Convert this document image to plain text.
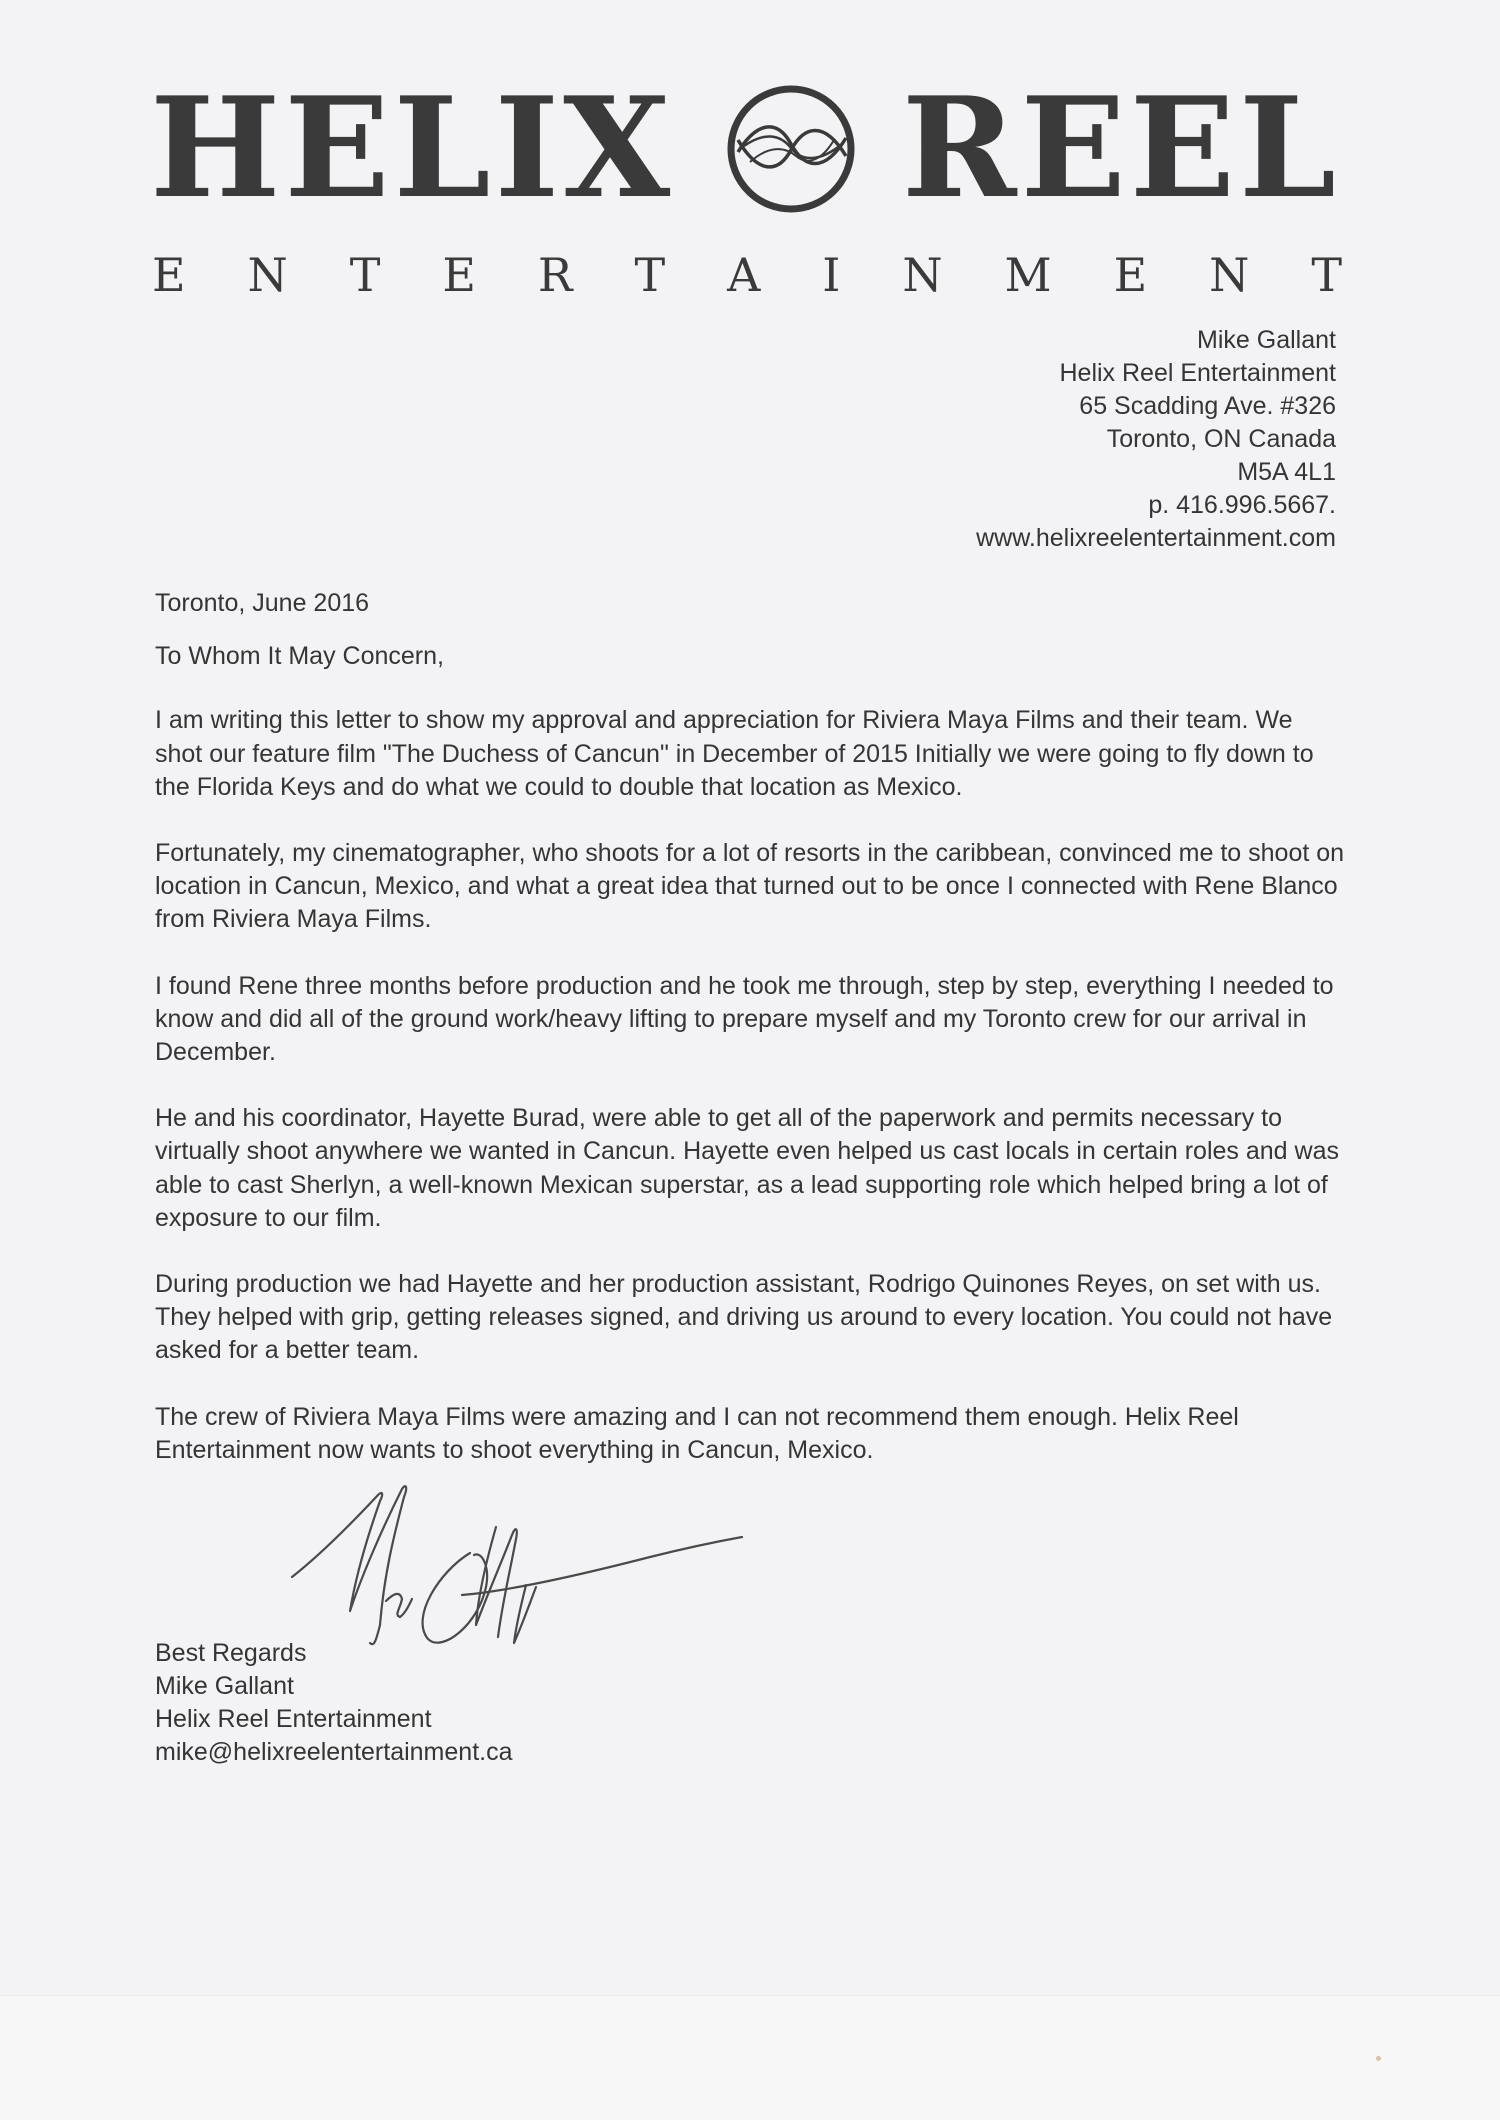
HELIX REEL
E N T E R T A I N M E N T
Mike Gallant
Helix Reel Entertainment
65 Scadding Ave. #326
Toronto, ON Canada
M5A 4L1
p. 416.996.5667.
www.helixreelentertainment.com

Toronto, June 2016

To Whom It May Concern,

I am writing this letter to show my approval and appreciation for Riviera Maya Films and their team. We shot our feature film "The Duchess of Cancun" in December of 2015 Initially we were going to fly down to the Florida Keys and do what we could to double that location as Mexico.

Fortunately, my cinematographer, who shoots for a lot of resorts in the caribbean, convinced me to shoot on location in Cancun, Mexico, and what a great idea that turned out to be once I connected with Rene Blanco from Riviera Maya Films.

I found Rene three months before production and he took me through, step by step, everything I needed to know and did all of the ground work/heavy lifting to prepare myself and my Toronto crew for our arrival in December.

He and his coordinator, Hayette Burad, were able to get all of the paperwork and permits necessary to virtually shoot anywhere we wanted in Cancun. Hayette even helped us cast locals in certain roles and was able to cast Sherlyn, a well-known Mexican superstar, as a lead supporting role which helped bring a lot of exposure to our film.

During production we had Hayette and her production assistant, Rodrigo Quinones Reyes, on set with us. They helped with grip, getting releases signed, and driving us around to every location. You could not have asked for a better team.

The crew of Riviera Maya Films were amazing and I can not recommend them enough. Helix Reel Entertainment now wants to shoot everything in Cancun, Mexico.

Best Regards
Mike Gallant
Helix Reel Entertainment
mike@helixreelentertainment.ca
